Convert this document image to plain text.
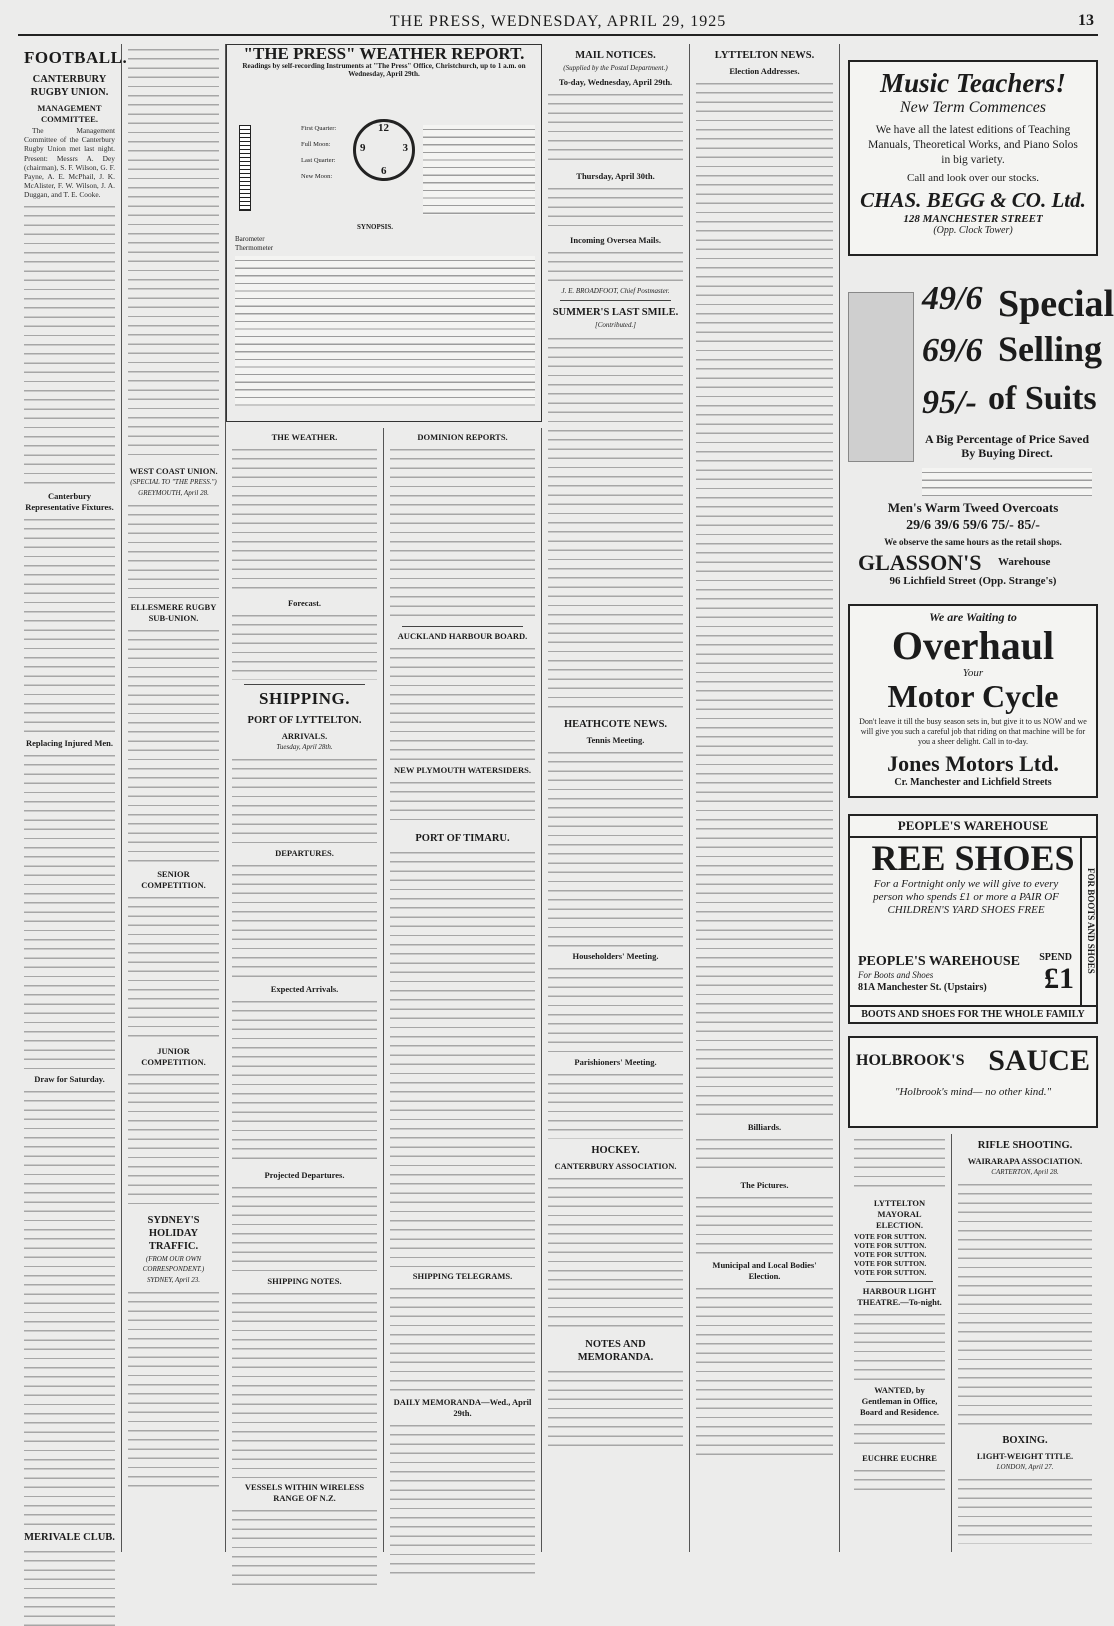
THE PRESS, WEDNESDAY, APRIL 29, 1925	13
FOOTBALL.
CANTERBURY RUGBY UNION.
MANAGEMENT COMMITTEE.

The Management Committee of the Canterbury Rugby Union met last night. Present: Messrs A. Dey (chairman), S. F. Wilson, G. F. Payne, A. E. McPhail, J. K. McAlister, F. W. Wilson, J. A. Duggan, and T. E. Cooke.

Canterbury Representative Fixtures.
Replacing Injured Men.
Draw for Saturday.
MERIVALE CLUB.
WEST COAST UNION.
(SPECIAL TO "THE PRESS.")
GREYMOUTH, April 28.
ELLESMERE RUGBY SUB-UNION.
SENIOR COMPETITION.
JUNIOR COMPETITION.
SYDNEY'S HOLIDAY TRAFFIC.
(FROM OUR OWN CORRESPONDENT.)
SYDNEY, April 23.
"THE PRESS" WEATHER REPORT.
Readings by self-recording Instruments at "The Press" Office, Christchurch, up to 1 a.m. on Wednesday, April 29th.
First Quarter:
Full Moon:
Last Quarter:
New Moon:
12
3
6
9
SYNOPSIS.
Barometer
Thermometer
THE WEATHER.
Forecast.
SHIPPING.
PORT OF LYTTELTON.
ARRIVALS.
Tuesday, April 28th.
DEPARTURES.
Expected Arrivals.
Projected Departures.
SHIPPING NOTES.
VESSELS WITHIN WIRELESS RANGE OF N.Z.
DOMINION REPORTS.
AUCKLAND HARBOUR BOARD.
NEW PLYMOUTH WATERSIDERS.
PORT OF TIMARU.
SHIPPING TELEGRAMS.
DAILY MEMORANDA—Wed., April 29th.
MAIL NOTICES.
(Supplied by the Postal Department.)
To-day, Wednesday, April 29th.
Thursday, April 30th.
Incoming Oversea Mails.
J. E. BROADFOOT, Chief Postmaster.
SUMMER'S LAST SMILE.
[Contributed.]
HEATHCOTE NEWS.
Tennis Meeting.
Householders' Meeting.
Parishioners' Meeting.
HOCKEY.
CANTERBURY ASSOCIATION.
NOTES AND MEMORANDA.
LYTTELTON NEWS.
Election Addresses.
Billiards.
The Pictures.
Municipal and Local Bodies' Election.
Music Teachers!
New Term Commences
We have all the latest editions of Teaching Manuals, Theoretical Works, and Piano Solos in big variety.
Call and look over our stocks.
CHAS. BEGG & CO. Ltd.
128 MANCHESTER STREET
(Opp. Clock Tower)
49/6
69/6
95/-
Special
Selling
of Suits
A Big Percentage of Price Saved By Buying Direct.
Men's Warm Tweed Overcoats
29/6 39/6 59/6 75/- 85/-
We observe the same hours as the retail shops.
GLASSON'S Warehouse
96 Lichfield Street (Opp. Strange's)
We are Waiting to
Overhaul
Your
Motor Cycle
Don't leave it till the busy season sets in, but give it to us NOW and we will give you such a careful job that riding on that machine will be for you a sheer delight. Call in to-day.
Jones Motors Ltd.
Cr. Manchester and Lichfield Streets
PEOPLE'S WAREHOUSE
REE SHOES
For a Fortnight only we will give to every person who spends £1 or more a PAIR OF CHILDREN'S YARD SHOES FREE
PEOPLE'S WAREHOUSE
For Boots and Shoes
81A Manchester St. (Upstairs)
SPEND
£1
BOOTS AND SHOES FOR THE WHOLE FAMILY
FOR BOOTS AND SHOES
HOLBROOK'S SAUCE
"Holbrook's mind— no other kind."
LYTTELTON MAYORAL ELECTION.
VOTE FOR SUTTON.
VOTE FOR SUTTON.
VOTE FOR SUTTON.
VOTE FOR SUTTON.
VOTE FOR SUTTON.
HARBOUR LIGHT THEATRE.—To-night.
WANTED, by Gentleman in Office, Board and Residence.
EUCHRE EUCHRE
RIFLE SHOOTING.
WAIRARAPA ASSOCIATION.
CARTERTON, April 28.
BOXING.
LIGHT-WEIGHT TITLE.
LONDON, April 27.
